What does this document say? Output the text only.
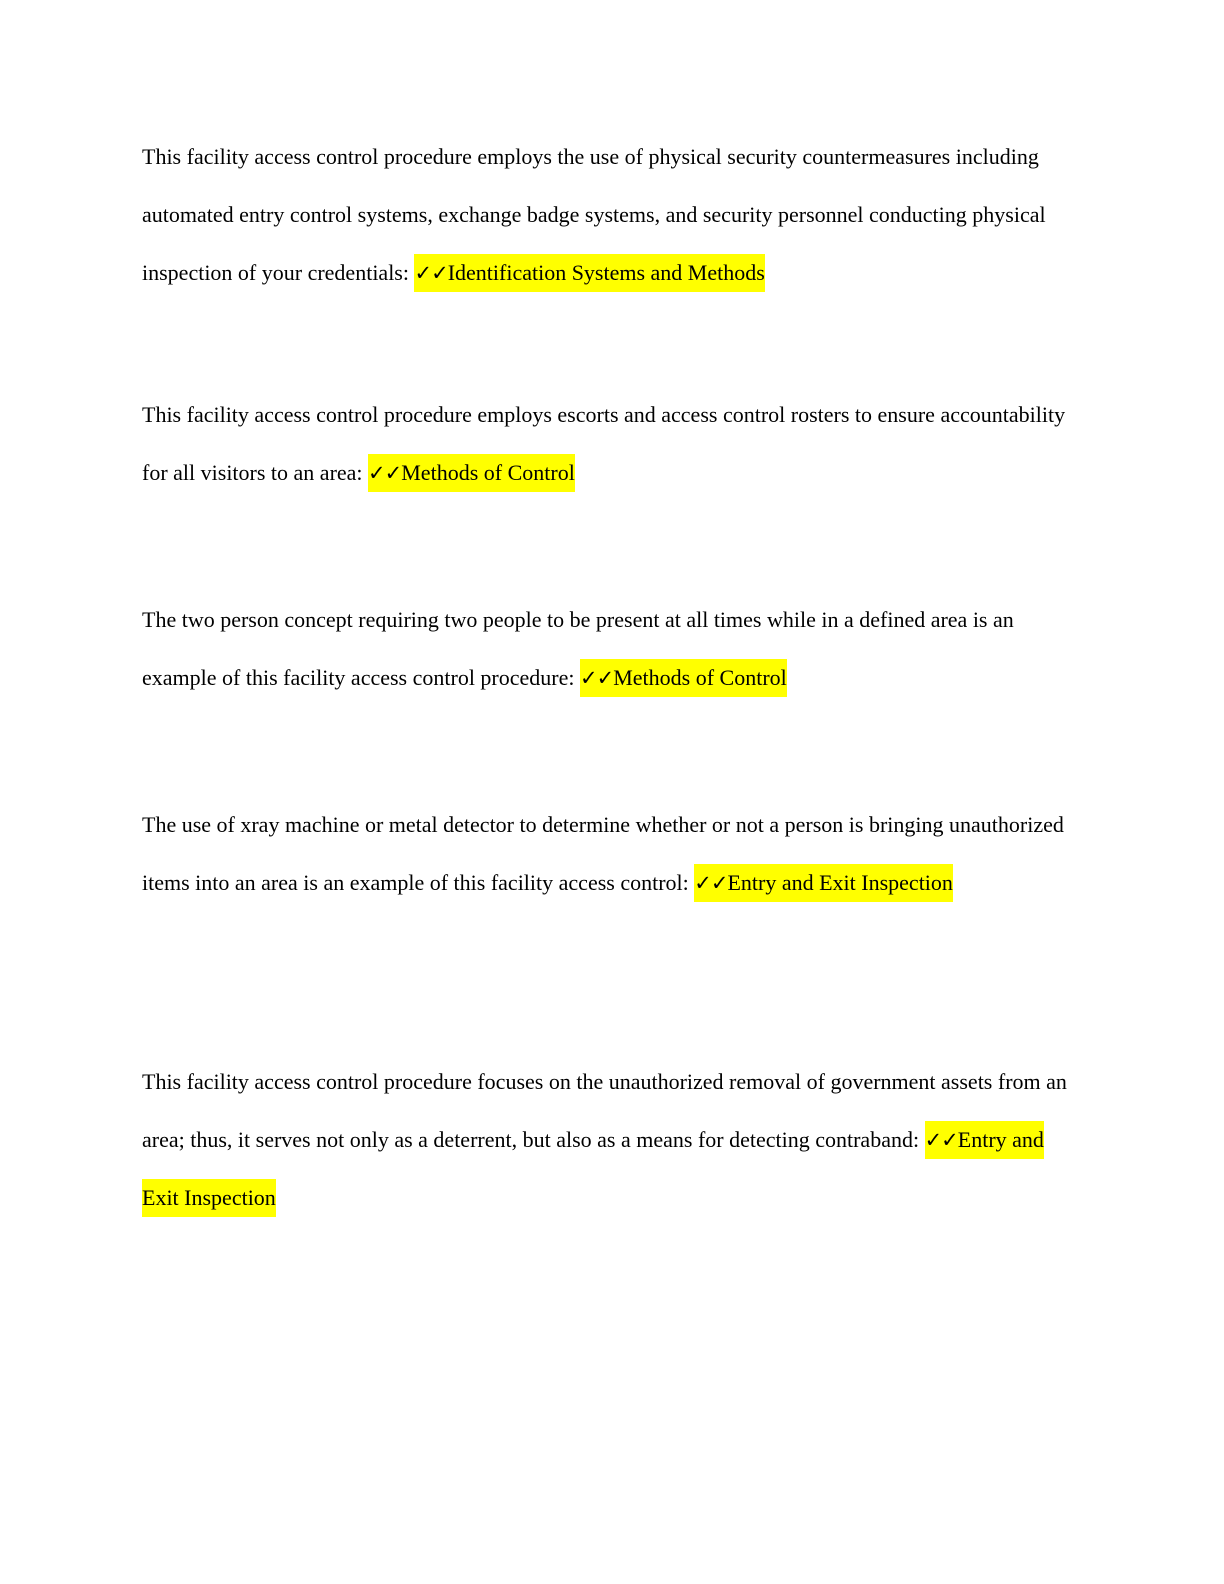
This facility access control procedure employs the use of physical security countermeasures including automated entry control systems, exchange badge systems, and security personnel conducting physical inspection of your credentials: ✓✓Identification Systems and Methods

This facility access control procedure employs escorts and access control rosters to ensure accountability for all visitors to an area: ✓✓Methods of Control

The two person concept requiring two people to be present at all times while in a defined area is an example of this facility access control procedure: ✓✓Methods of Control

The use of xray machine or metal detector to determine whether or not a person is bringing unauthorized items into an area is an example of this facility access control: ✓✓Entry and Exit Inspection

This facility access control procedure focuses on the unauthorized removal of government assets from an area; thus, it serves not only as a deterrent, but also as a means for detecting contraband: ✓✓Entry and Exit Inspection
